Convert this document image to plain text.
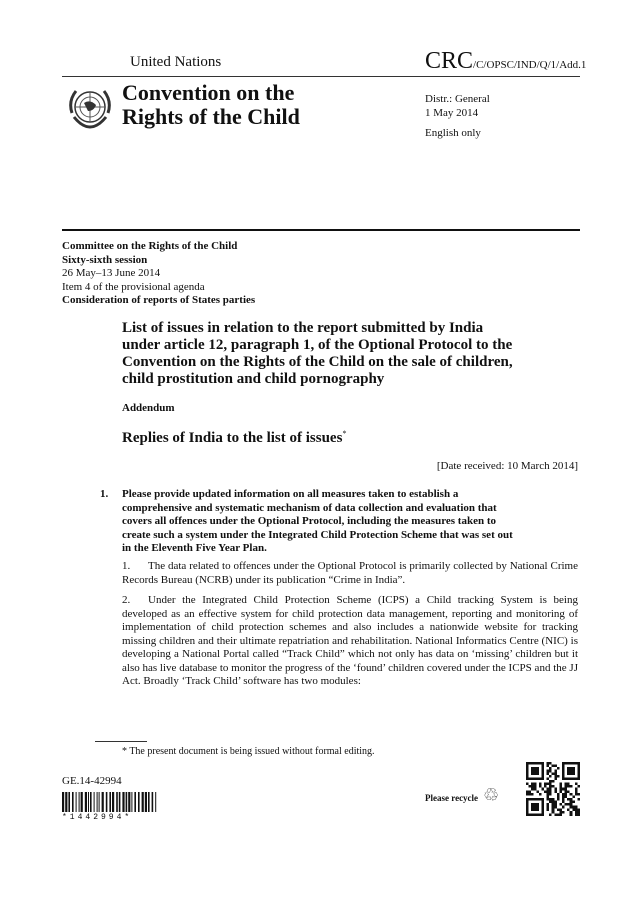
United Nations	CRC/C/OPSC/IND/Q/1/Add.1
Convention on the
Rights of the Child
Distr.: General
1 May 2014
English only
Committee on the Rights of the Child
Sixty-sixth session
26 May–13 June 2014
Item 4 of the provisional agenda
Consideration of reports of States parties
List of issues in relation to the report submitted by India under article 12, paragraph 1, of the Optional Protocol to the Convention on the Rights of the Child on the sale of children, child prostitution and child pornography
Addendum
Replies of India to the list of issues*
[Date received: 10 March 2014]
1. Please provide updated information on all measures taken to establish a comprehensive and systematic mechanism of data collection and evaluation that covers all offences under the Optional Protocol, including the measures taken to create such a system under the Integrated Child Protection Scheme that was set out in the Eleventh Five Year Plan.
1. The data related to offences under the Optional Protocol is primarily collected by National Crime Records Bureau (NCRB) under its publication “Crime in India”.
2. Under the Integrated Child Protection Scheme (ICPS) a Child tracking System is being developed as an effective system for child protection data management, reporting and monitoring of implementation of child protection schemes and also includes a nationwide website for tracking missing children and their ultimate repatriation and rehabilitation. National Informatics Centre (NIC) is developing a National Portal called “Track Child” which not only has data on ‘missing’ children but it also has live database to monitor the progress of the ‘found’ children covered under the ICPS and the JJ Act. Broadly ‘Track Child’ software has two modules:
* The present document is being issued without formal editing.
GE.14-42994
*1442994*
Please recycle ♲
